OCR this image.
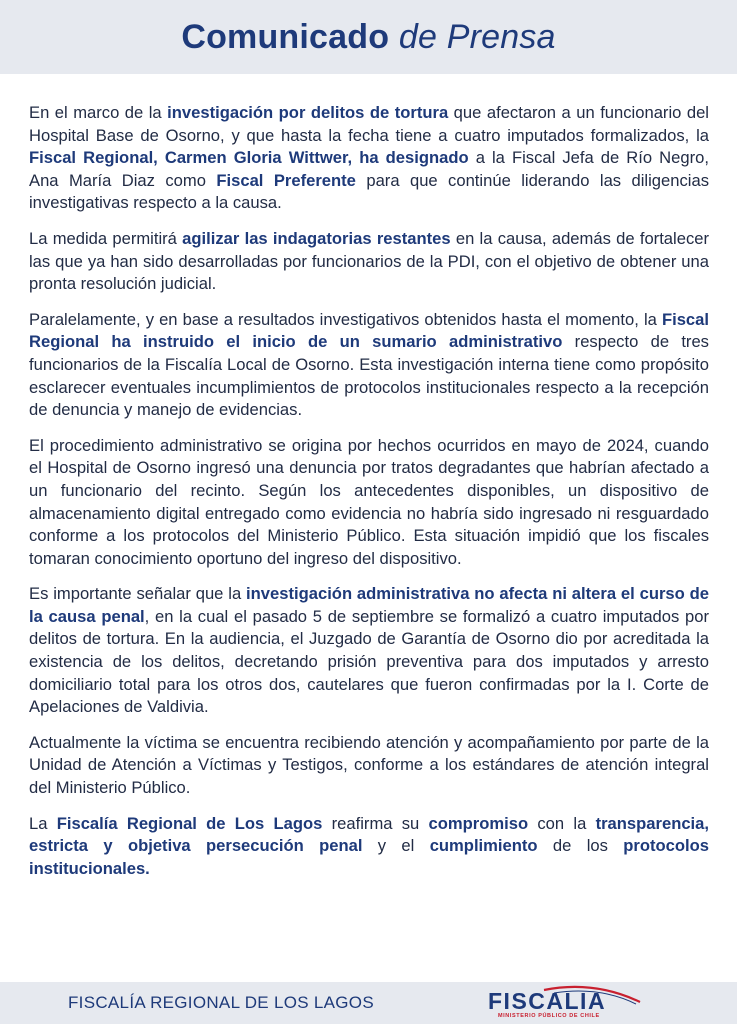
Comunicado de Prensa

En el marco de la investigación por delitos de tortura que afectaron a un funcionario del Hospital Base de Osorno, y que hasta la fecha tiene a cuatro imputados formalizados, la Fiscal Regional, Carmen Gloria Wittwer, ha designado a la Fiscal Jefa de Río Negro, Ana María Diaz como Fiscal Preferente para que continúe liderando las diligencias investigativas respecto a la causa.

La medida permitirá agilizar las indagatorias restantes en la causa, además de fortalecer las que ya han sido desarrolladas por funcionarios de la PDI, con el objetivo de obtener una pronta resolución judicial.

Paralelamente, y en base a resultados investigativos obtenidos hasta el momento, la Fiscal Regional ha instruido el inicio de un sumario administrativo respecto de tres funcionarios de la Fiscalía Local de Osorno. Esta investigación interna tiene como propósito esclarecer eventuales incumplimientos de protocolos institucionales respecto a la recepción de denuncia y manejo de evidencias.

El procedimiento administrativo se origina por hechos ocurridos en mayo de 2024, cuando el Hospital de Osorno ingresó una denuncia por tratos degradantes que habrían afectado a un funcionario del recinto. Según los antecedentes disponibles, un dispositivo de almacenamiento digital entregado como evidencia no habría sido ingresado ni resguardado conforme a los protocolos del Ministerio Público. Esta situación impidió que los fiscales tomaran conocimiento oportuno del ingreso del dispositivo.

Es importante señalar que la investigación administrativa no afecta ni altera el curso de la causa penal, en la cual el pasado 5 de septiembre se formalizó a cuatro imputados por delitos de tortura. En la audiencia, el Juzgado de Garantía de Osorno dio por acreditada la existencia de los delitos, decretando prisión preventiva para dos imputados y arresto domiciliario total para los otros dos, cautelares que fueron confirmadas por la I. Corte de Apelaciones de Valdivia.

Actualmente la víctima se encuentra recibiendo atención y acompañamiento por parte de la Unidad de Atención a Víctimas y Testigos, conforme a los estándares de atención integral del Ministerio Público.

La Fiscalía Regional de Los Lagos reafirma su compromiso con la transparencia, estricta y objetiva persecución penal y el cumplimiento de los protocolos institucionales.

FISCALÍA REGIONAL DE LOS LAGOS	FISCALIA
MINISTERIO PÚBLICO DE CHILE
